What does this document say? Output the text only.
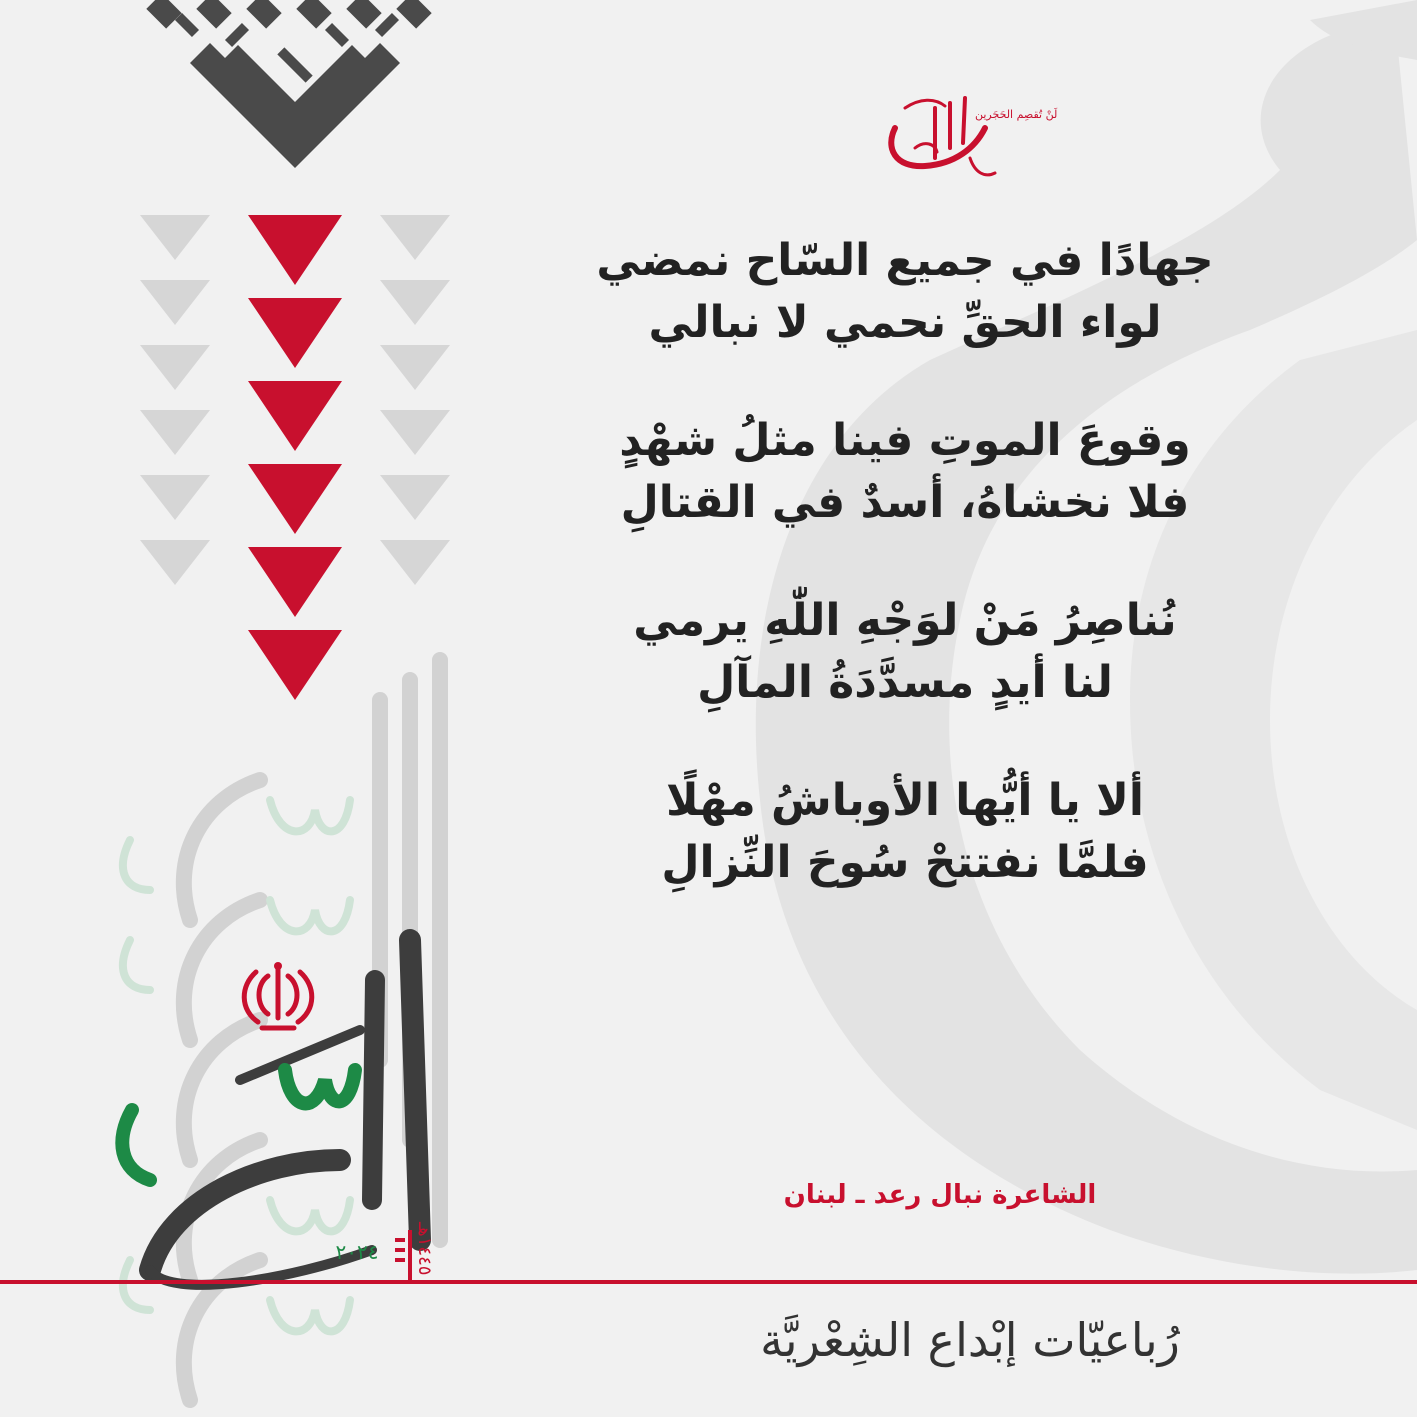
١٤٤٥هـ
٢٠٢٤
لَنْ تُقصِم الحَجَرين
جهادًا في جميع السّاح نمضي
لواء الحقِّ نحمي لا نبالي
وقوعَ الموتِ فينا مثلُ شهْدٍ
فلا نخشاهُ، أسدٌ في القتالِ
نُناصِرُ مَنْ لوَجْهِ اللّٰهِ يرمي
لنا أيدٍ مسدَّدَةُ المآلِ
ألا يا أيُّها الأوباشُ مهْلًا
فلمَّا نفتتحْ سُوحَ النِّزالِ
الشاعرة نبال رعد ـ لبنان
رُباعيّات إبْداع الشِعْريَّة
